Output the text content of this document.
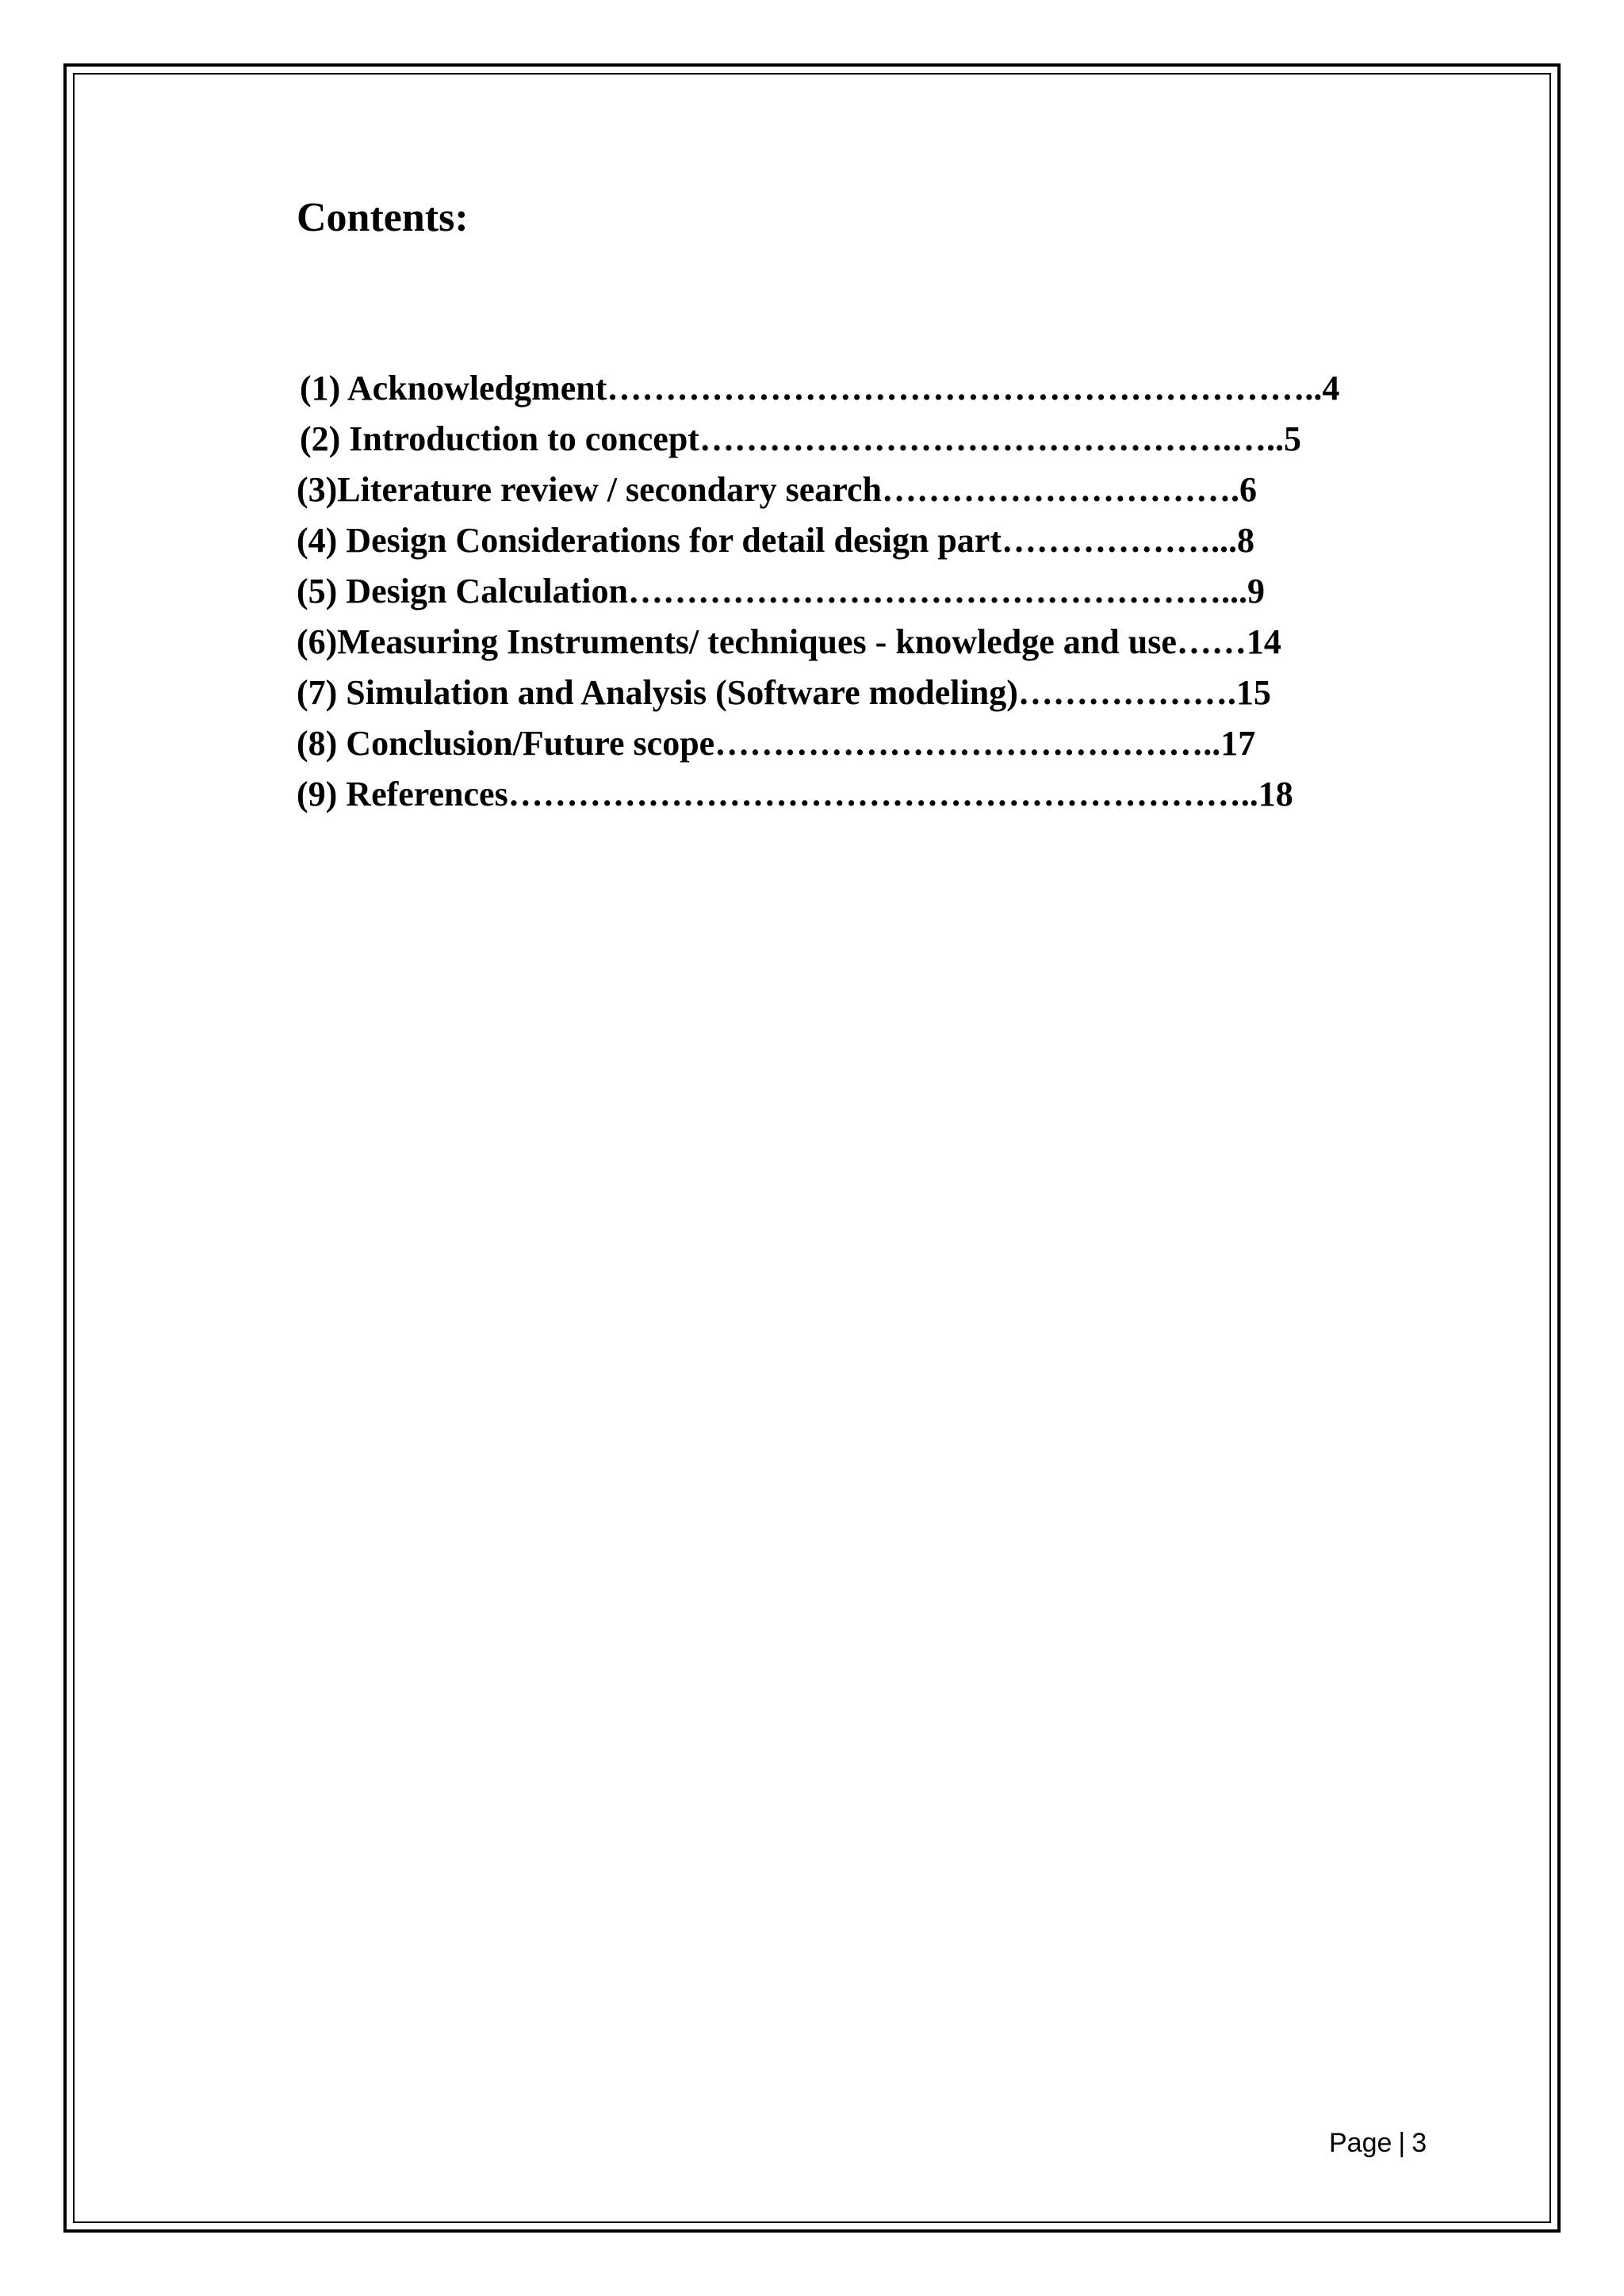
Contents:
(1) Acknowledgment……………………………………………………..4
(2) Introduction to concept……………………………………….…..5
(3)Literature review / secondary search………………………….6
(4) Design Considerations for detail design part………………...8
(5) Design Calculation……………………………………………...9
(6)Measuring Instruments/ techniques - knowledge and use……14
(7) Simulation and Analysis (Software modeling)……………….15
(8) Conclusion/Future scope……………………………………..17
(9) References………………………………………………………..18
Page | 3
